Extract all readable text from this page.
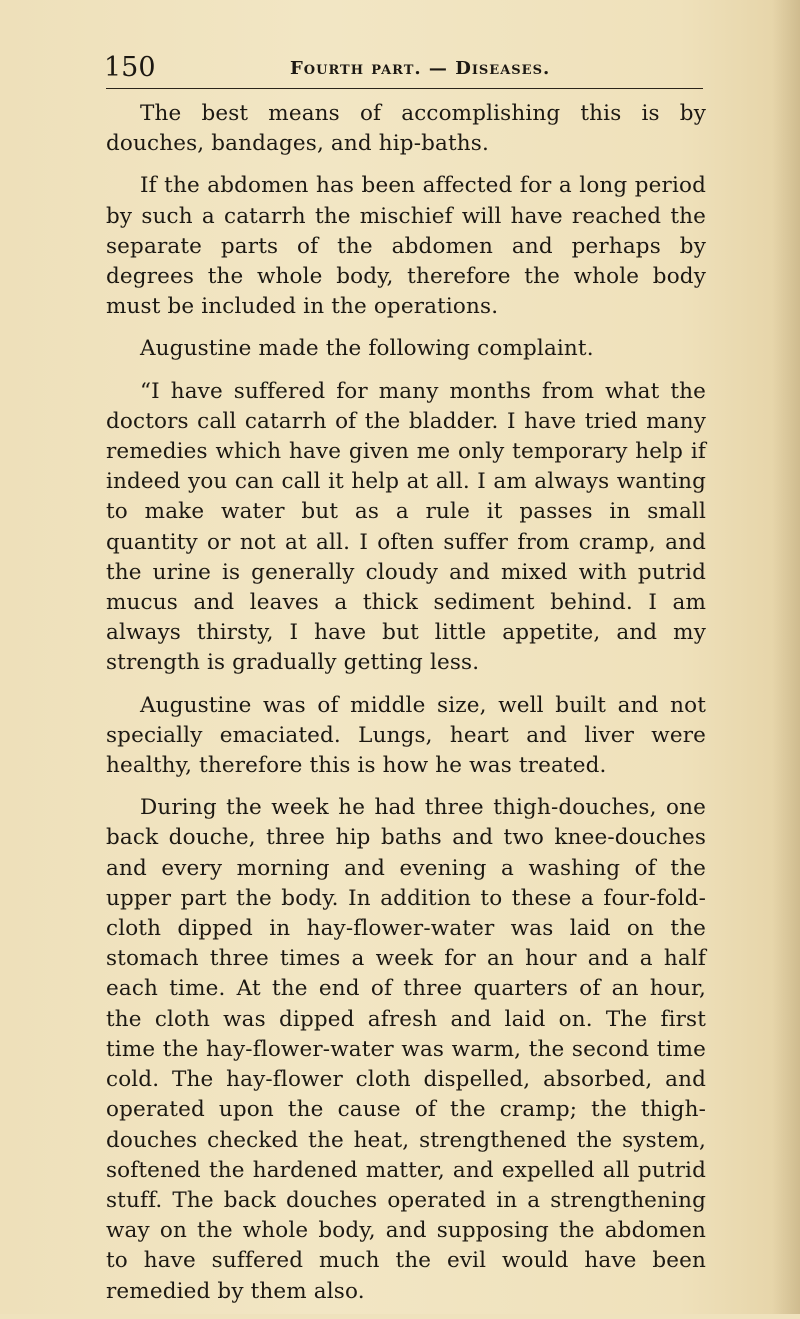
150	Fourth part. — Diseases.

The best means of accomplishing this is by douches, bandages, and hip-baths.

If the abdomen has been affected for a long period by such a catarrh the mischief will have reached the separate parts of the abdomen and perhaps by degrees the whole body, therefore the whole body must be included in the operations.

Augustine made the following complaint.

“I have suffered for many months from what the doctors call catarrh of the bladder. I have tried many remedies which have given me only temporary help if indeed you can call it help at all. I am always wanting to make water but as a rule it passes in small quantity or not at all. I often suffer from cramp, and the urine is generally cloudy and mixed with putrid mucus and leaves a thick sediment behind. I am always thirsty, I have but little appetite, and my strength is gradually getting less.

Augustine was of middle size, well built and not specially emaciated. Lungs, heart and liver were healthy, therefore this is how he was treated.

During the week he had three thigh-douches, one back douche, three hip baths and two knee-douches and every morning and evening a washing of the upper part the body. In addition to these a four-fold-cloth dipped in hay-flower-water was laid on the stomach three times a week for an hour and a half each time. At the end of three quarters of an hour, the cloth was dipped afresh and laid on. The first time the hay-flower-water was warm, the second time cold. The hay-flower cloth dispelled, absorbed, and operated upon the cause of the cramp; the thigh-douches checked the heat, strengthened the system, softened the hardened matter, and expelled all putrid stuff. The back douches operated in a strengthening way on the whole body, and supposing the abdomen to have suffered much the evil would have been remedied by them also.
